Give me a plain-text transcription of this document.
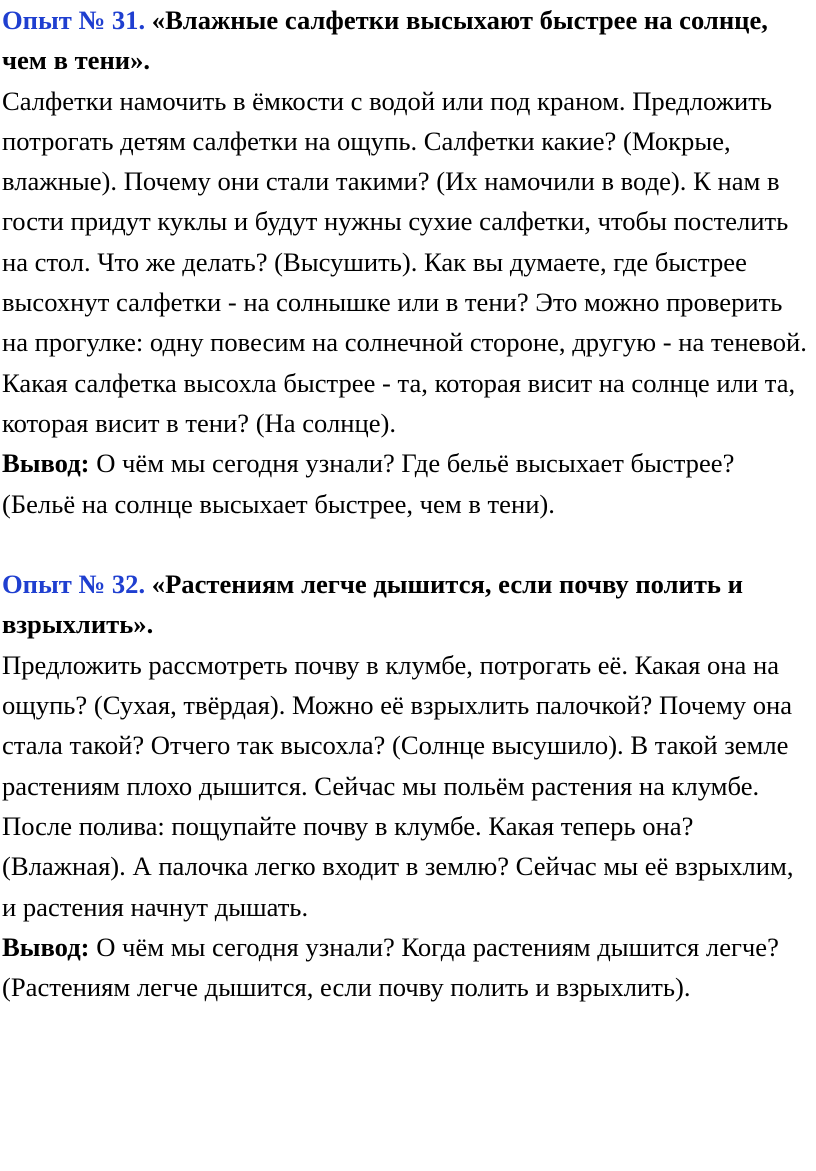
Опыт № 31. «Влажные салфетки высыхают быстрее на солнце, чем в тени».

Салфетки намочить в ёмкости с водой или под краном. Предложить потрогать детям салфетки на ощупь. Салфетки какие? (Мокрые, влажные). Почему они стали такими? (Их намочили в воде). К нам в гости придут куклы и будут нужны сухие салфетки, чтобы постелить на стол. Что же делать? (Высушить). Как вы думаете, где быстрее высохнут салфетки - на солнышке или в тени? Это можно проверить на прогулке: одну повесим на солнечной стороне, другую - на теневой. Какая салфетка высохла быстрее - та, которая висит на солнце или та, которая висит в тени? (На солнце).

Вывод: О чём мы сегодня узнали? Где бельё высыхает быстрее? (Бельё на солнце высыхает быстрее, чем в тени).

Опыт № 32. «Растениям легче дышится, если почву полить и взрыхлить».

Предложить рассмотреть почву в клумбе, потрогать её. Какая она на ощупь? (Сухая, твёрдая). Можно её взрыхлить палочкой? Почему она стала такой? Отчего так высохла? (Солнце высушило). В такой земле растениям плохо дышится. Сейчас мы польём растения на клумбе. После полива: пощупайте почву в клумбе. Какая теперь она? (Влажная). А палочка легко входит в землю? Сейчас мы её взрыхлим, и растения начнут дышать.

Вывод: О чём мы сегодня узнали? Когда растениям дышится легче? (Растениям легче дышится, если почву полить и взрыхлить).
